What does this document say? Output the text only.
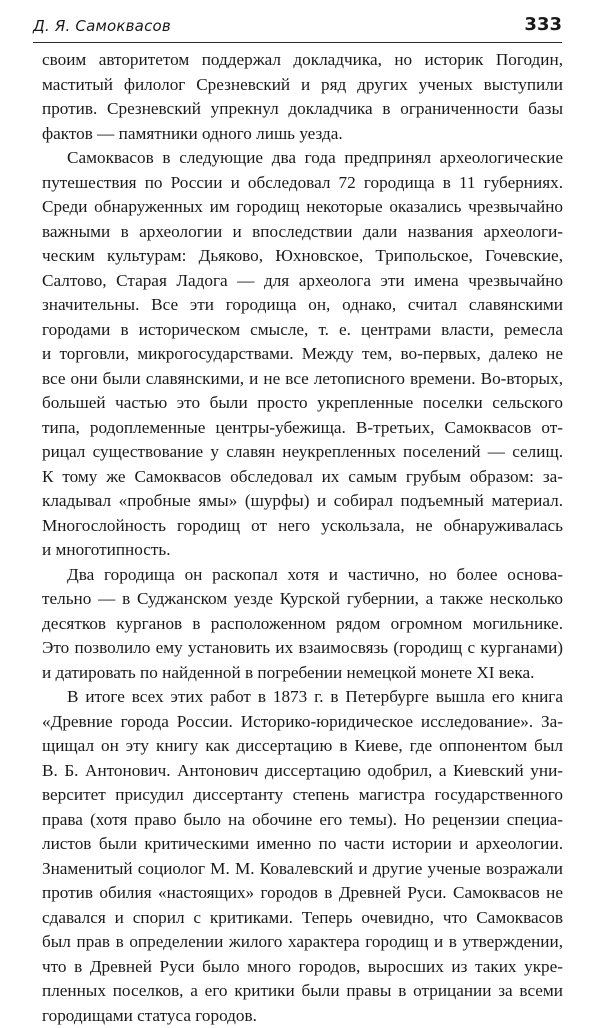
Д. Я. Самоквасов	333
своим авторитетом поддержал докладчика, но историк Погодин,
маститый филолог Срезневский и ряд других ученых выступили
против. Срезневский упрекнул докладчика в ограниченности базы
фактов — памятники одного лишь уезда.
Самоквасов в следующие два года предпринял археологические
путешествия по России и обследовал 72 городища в 11 губерниях.
Среди обнаруженных им городищ некоторые оказались чрезвычайно
важными в археологии и впоследствии дали названия археологи-
ческим культурам: Дьяково, Юхновское, Трипольское, Гочевские,
Салтово, Старая Ладога — для археолога эти имена чрезвычайно
значительны. Все эти городища он, однако, считал славянскими
городами в историческом смысле, т. е. центрами власти, ремесла
и торговли, микрогосударствами. Между тем, во-первых, далеко не
все они были славянскими, и не все летописного времени. Во-вторых,
большей частью это были просто укрепленные поселки сельского
типа, родоплеменные центры-убежища. В-третьих, Самоквасов от-
рицал существование у славян неукрепленных поселений — селищ.
К тому же Самоквасов обследовал их самым грубым образом: за-
кладывал «пробные ямы» (шурфы) и собирал подъемный материал.
Многослойность городищ от него ускользала, не обнаруживалась
и многотипность.
Два городища он раскопал хотя и частично, но более основа-
тельно — в Суджанском уезде Курской губернии, а также несколько
десятков курганов в расположенном рядом огромном могильнике.
Это позволило ему установить их взаимосвязь (городищ с курганами)
и датировать по найденной в погребении немецкой монете XI века.
В итоге всех этих работ в 1873 г. в Петербурге вышла его книга
«Древние города России. Историко-юридическое исследование». За-
щищал он эту книгу как диссертацию в Киеве, где оппонентом был
В. Б. Антонович. Антонович диссертацию одобрил, а Киевский уни-
верситет присудил диссертанту степень магистра государственного
права (хотя право было на обочине его темы). Но рецензии специа-
листов были критическими именно по части истории и археологии.
Знаменитый социолог М. М. Ковалевский и другие ученые возражали
против обилия «настоящих» городов в Древней Руси. Самоквасов не
сдавался и спорил с критиками. Теперь очевидно, что Самоквасов
был прав в определении жилого характера городищ и в утверждении,
что в Древней Руси было много городов, выросших из таких укре-
пленных поселков, а его критики были правы в отрицании за всеми
городищами статуса городов.
